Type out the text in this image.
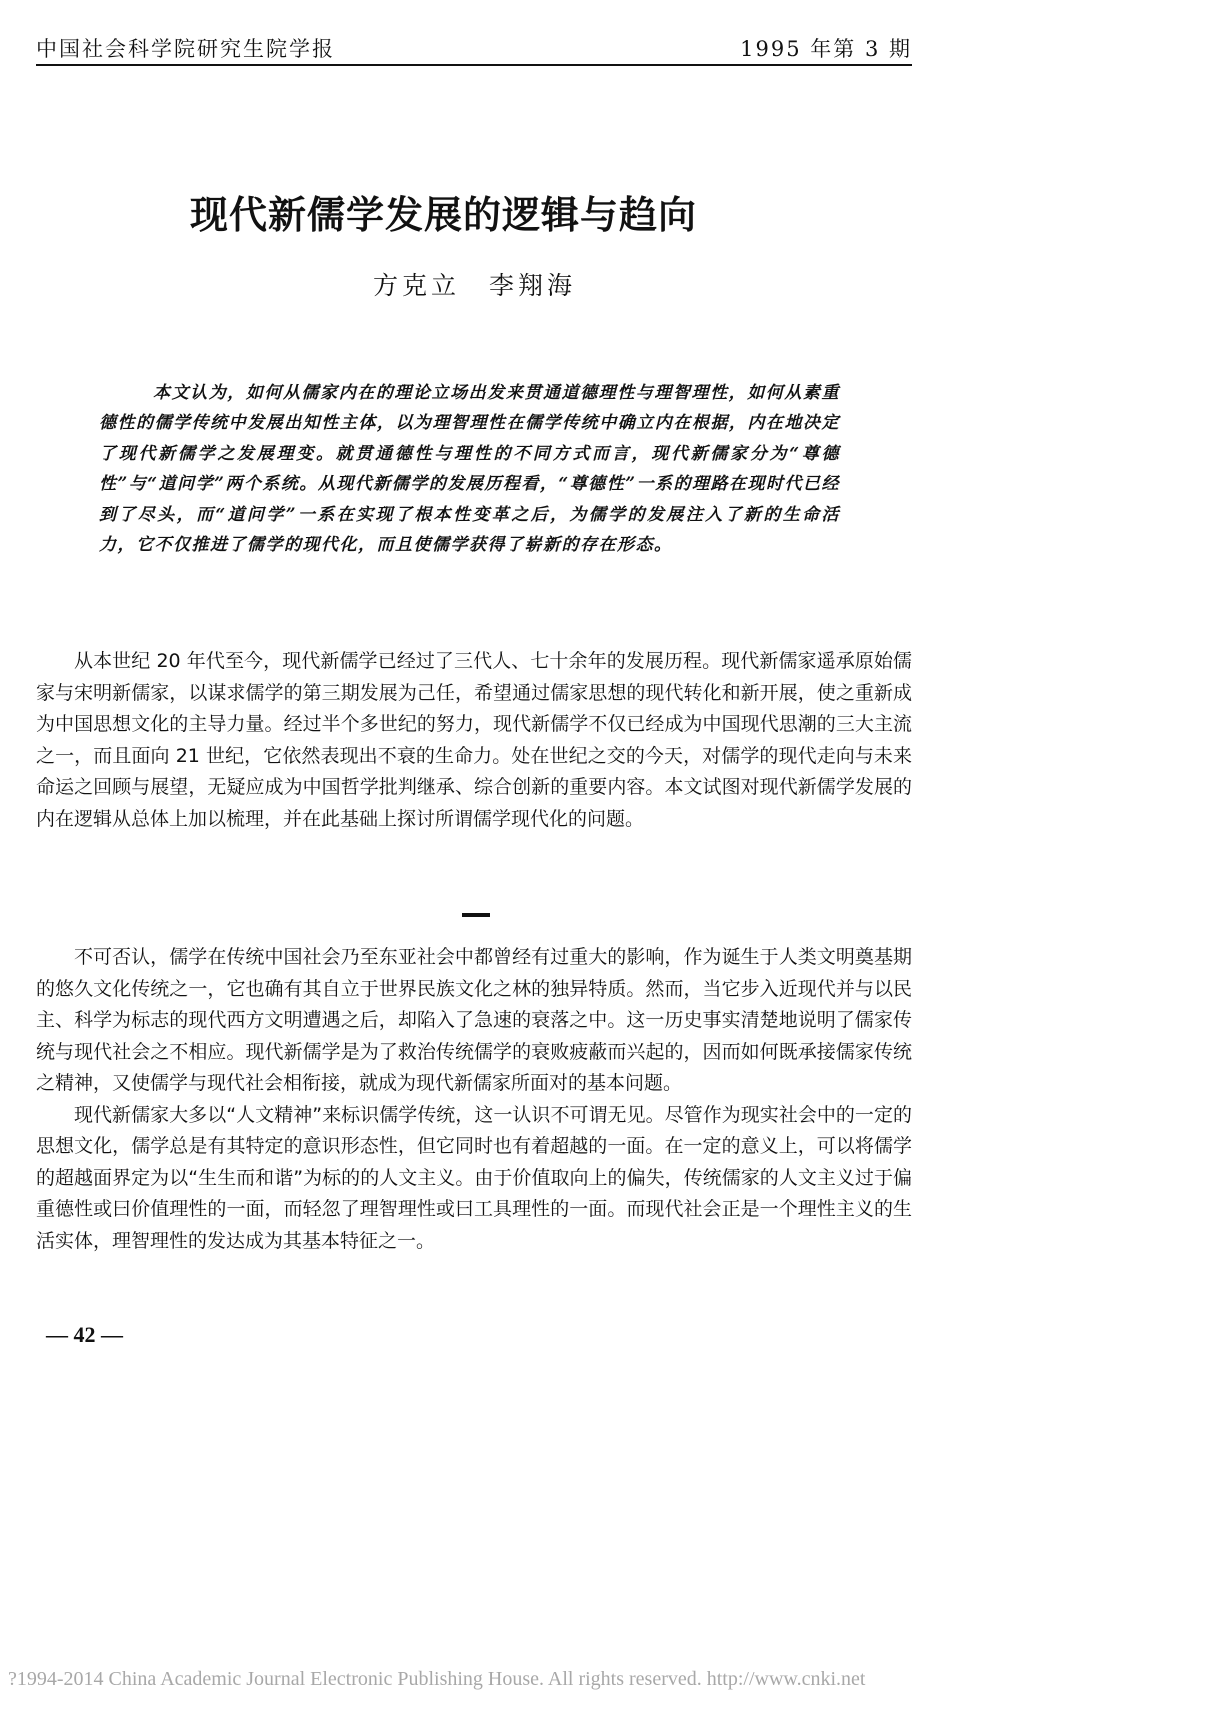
中国社会科学院研究生院学报	1995 年第 3 期
现代新儒学发展的逻辑与趋向
方克立　李翔海

本文认为，如何从儒家内在的理论立场出发来贯通道德理性与理智理性，如何从素重德性的儒学传统中发展出知性主体，以为理智理性在儒学传统中确立内在根据，内在地决定了现代新儒学之发展理变。就贯通德性与理性的不同方式而言，现代新儒家分为“尊德性”与“道问学”两个系统。从现代新儒学的发展历程看，“尊德性”一系的理路在现时代已经到了尽头，而“道问学”一系在实现了根本性变革之后，为儒学的发展注入了新的生命活力，它不仅推进了儒学的现代化，而且使儒学获得了崭新的存在形态。

从本世纪 20 年代至今，现代新儒学已经过了三代人、七十余年的发展历程。现代新儒家遥承原始儒家与宋明新儒家，以谋求儒学的第三期发展为己任，希望通过儒家思想的现代转化和新开展，使之重新成为中国思想文化的主导力量。经过半个多世纪的努力，现代新儒学不仅已经成为中国现代思潮的三大主流之一，而且面向 21 世纪，它依然表现出不衰的生命力。处在世纪之交的今天，对儒学的现代走向与未来命运之回顾与展望，无疑应成为中国哲学批判继承、综合创新的重要内容。本文试图对现代新儒学发展的内在逻辑从总体上加以梳理，并在此基础上探讨所谓儒学现代化的问题。

不可否认，儒学在传统中国社会乃至东亚社会中都曾经有过重大的影响，作为诞生于人类文明奠基期的悠久文化传统之一，它也确有其自立于世界民族文化之林的独异特质。然而，当它步入近现代并与以民主、科学为标志的现代西方文明遭遇之后，却陷入了急速的衰落之中。这一历史事实清楚地说明了儒家传统与现代社会之不相应。现代新儒学是为了救治传统儒学的衰败疲蔽而兴起的，因而如何既承接儒家传统之精神，又使儒学与现代社会相衔接，就成为现代新儒家所面对的基本问题。

现代新儒家大多以“人文精神”来标识儒学传统，这一认识不可谓无见。尽管作为现实社会中的一定的思想文化，儒学总是有其特定的意识形态性，但它同时也有着超越的一面。在一定的意义上，可以将儒学的超越面界定为以“生生而和谐”为标的的人文主义。由于价值取向上的偏失，传统儒家的人文主义过于偏重德性或曰价值理性的一面，而轻忽了理智理性或曰工具理性的一面。而现代社会正是一个理性主义的生活实体，理智理性的发达成为其基本特征之一。

— 42 —
?1994-2014 China Academic Journal Electronic Publishing House. All rights reserved. http://www.cnki.net
